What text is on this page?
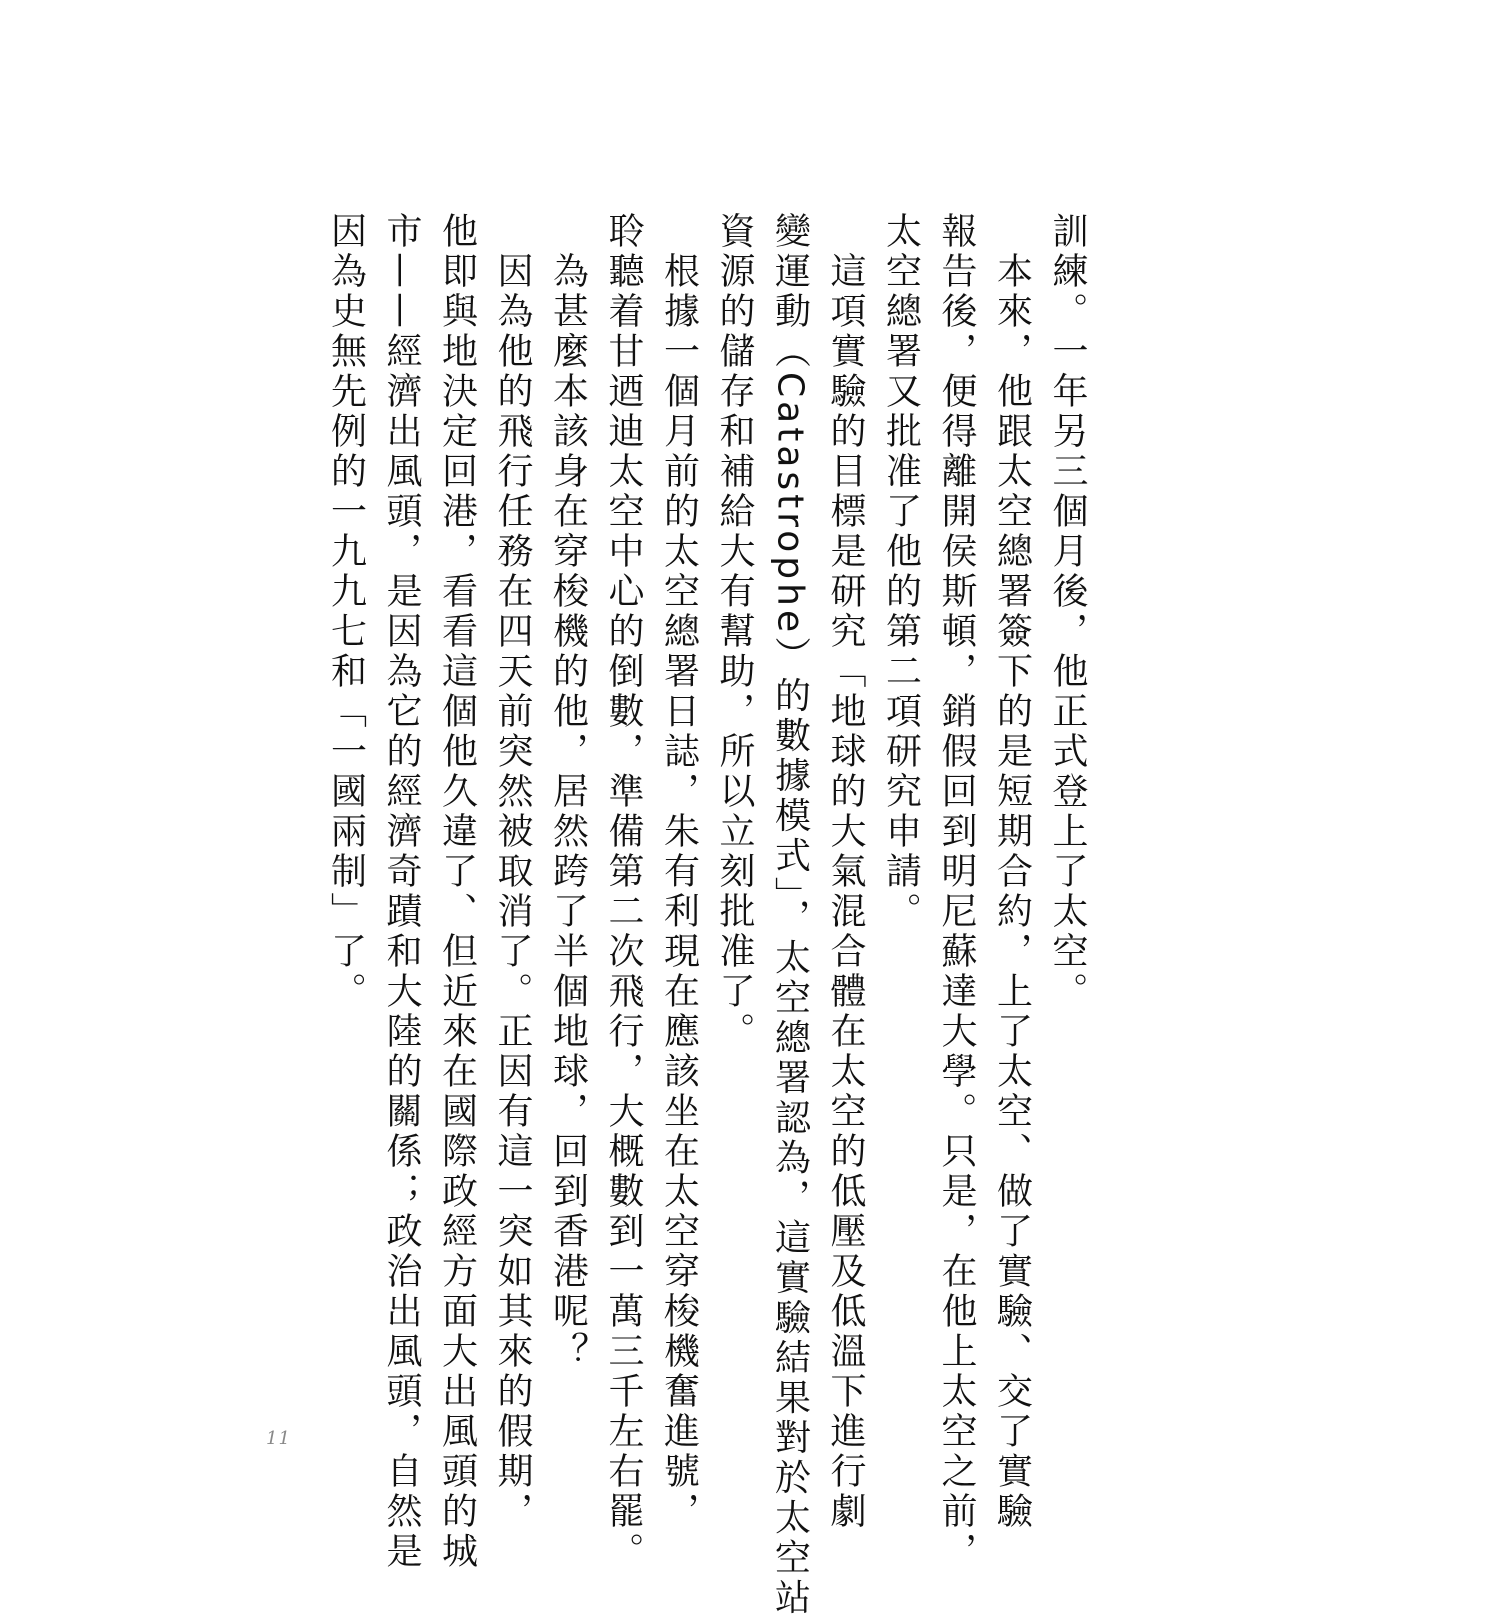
訓練。一年另三個月後，他正式登上了太空。
　本來，他跟太空總署簽下的是短期合約，上了太空、做了實驗、交了實驗
報告後，便得離開侯斯頓，銷假回到明尼蘇達大學。只是，在他上太空之前，
太空總署又批准了他的第二項研究申請。
　這項實驗的目標是研究「地球的大氣混合體在太空的低壓及低溫下進行劇
變運動（Catastrophe）的數據模式」，太空總署認為，這實驗結果對於太空站
資源的儲存和補給大有幫助，所以立刻批准了。
　根據一個月前的太空總署日誌，朱有利現在應該坐在太空穿梭機奮進號，
聆聽着甘迺迪太空中心的倒數，準備第二次飛行，大概數到一萬三千左右罷。
　為甚麼本該身在穿梭機的他，居然跨了半個地球，回到香港呢？
　因為他的飛行任務在四天前突然被取消了。正因有這一突如其來的假期，
他即與地決定回港，看看這個他久違了、但近來在國際政經方面大出風頭的城
市——經濟出風頭，是因為它的經濟奇蹟和大陸的關係；政治出風頭，自然是
因為史無先例的一九九七和「一國兩制」了。
11
